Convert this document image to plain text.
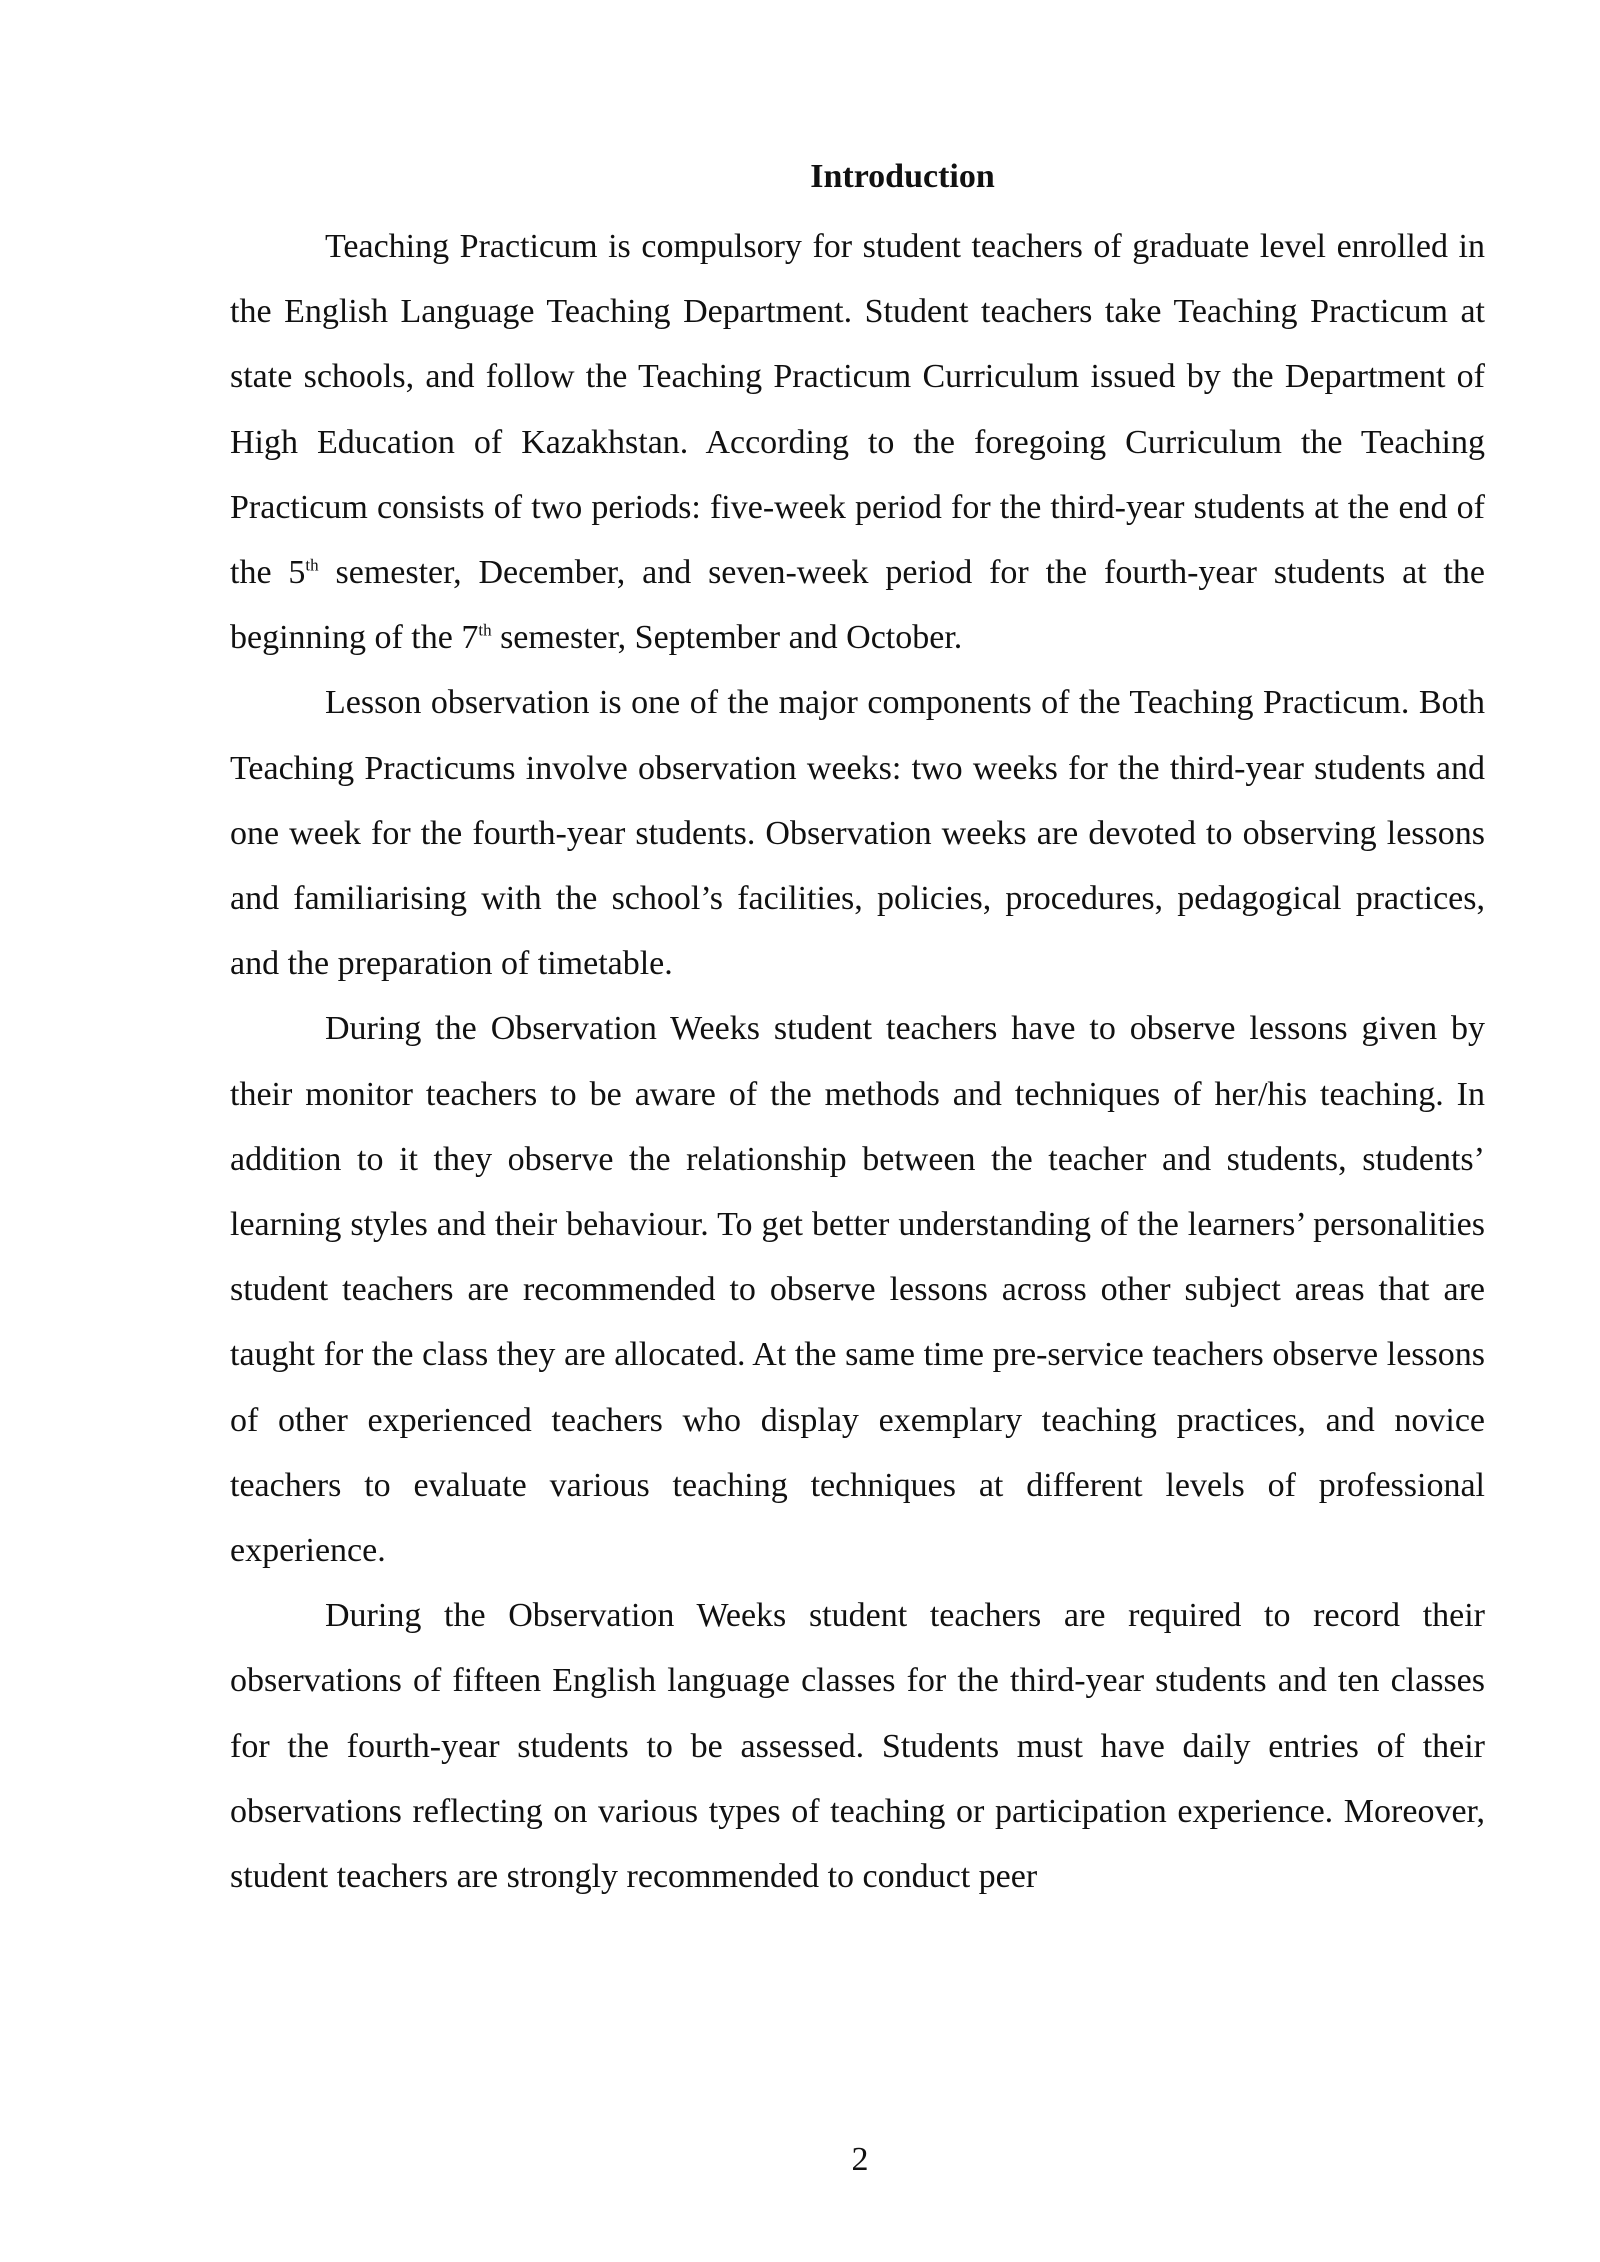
Introduction

Teaching Practicum is compulsory for student teachers of graduate level enrolled in the English Language Teaching Department. Student teachers take Teaching Practicum at state schools, and follow the Teaching Practicum Curriculum issued by the Department of High Education of Kazakhstan. According to the foregoing Curriculum the Teaching Practicum consists of two periods: five-week period for the third-year students at the end of the 5th semester, December, and seven-week period for the fourth-year students at the beginning of the 7th semester, September and October.

Lesson observation is one of the major components of the Teaching Practicum. Both Teaching Practicums involve observation weeks: two weeks for the third-year students and one week for the fourth-year students. Observation weeks are devoted to observing lessons and familiarising with the school’s facilities, policies, procedures, pedagogical practices, and the preparation of timetable.

During the Observation Weeks student teachers have to observe lessons given by their monitor teachers to be aware of the methods and techniques of her/his teaching. In addition to it they observe the relationship between the teacher and students, students’ learning styles and their behaviour. To get better understanding of the learners’ personalities student teachers are recommended to observe lessons across other subject areas that are taught for the class they are allocated. At the same time pre-service teachers observe lessons of other experienced teachers who display exemplary teaching practices, and novice teachers to evaluate various teaching techniques at different levels of professional experience.

During the Observation Weeks student teachers are required to record their observations of fifteen English language classes for the third-year students and ten classes for the fourth-year students to be assessed. Students must have daily entries of their observations reflecting on various types of teaching or participation experience. Moreover, student teachers are strongly recommended to conduct peer

2
